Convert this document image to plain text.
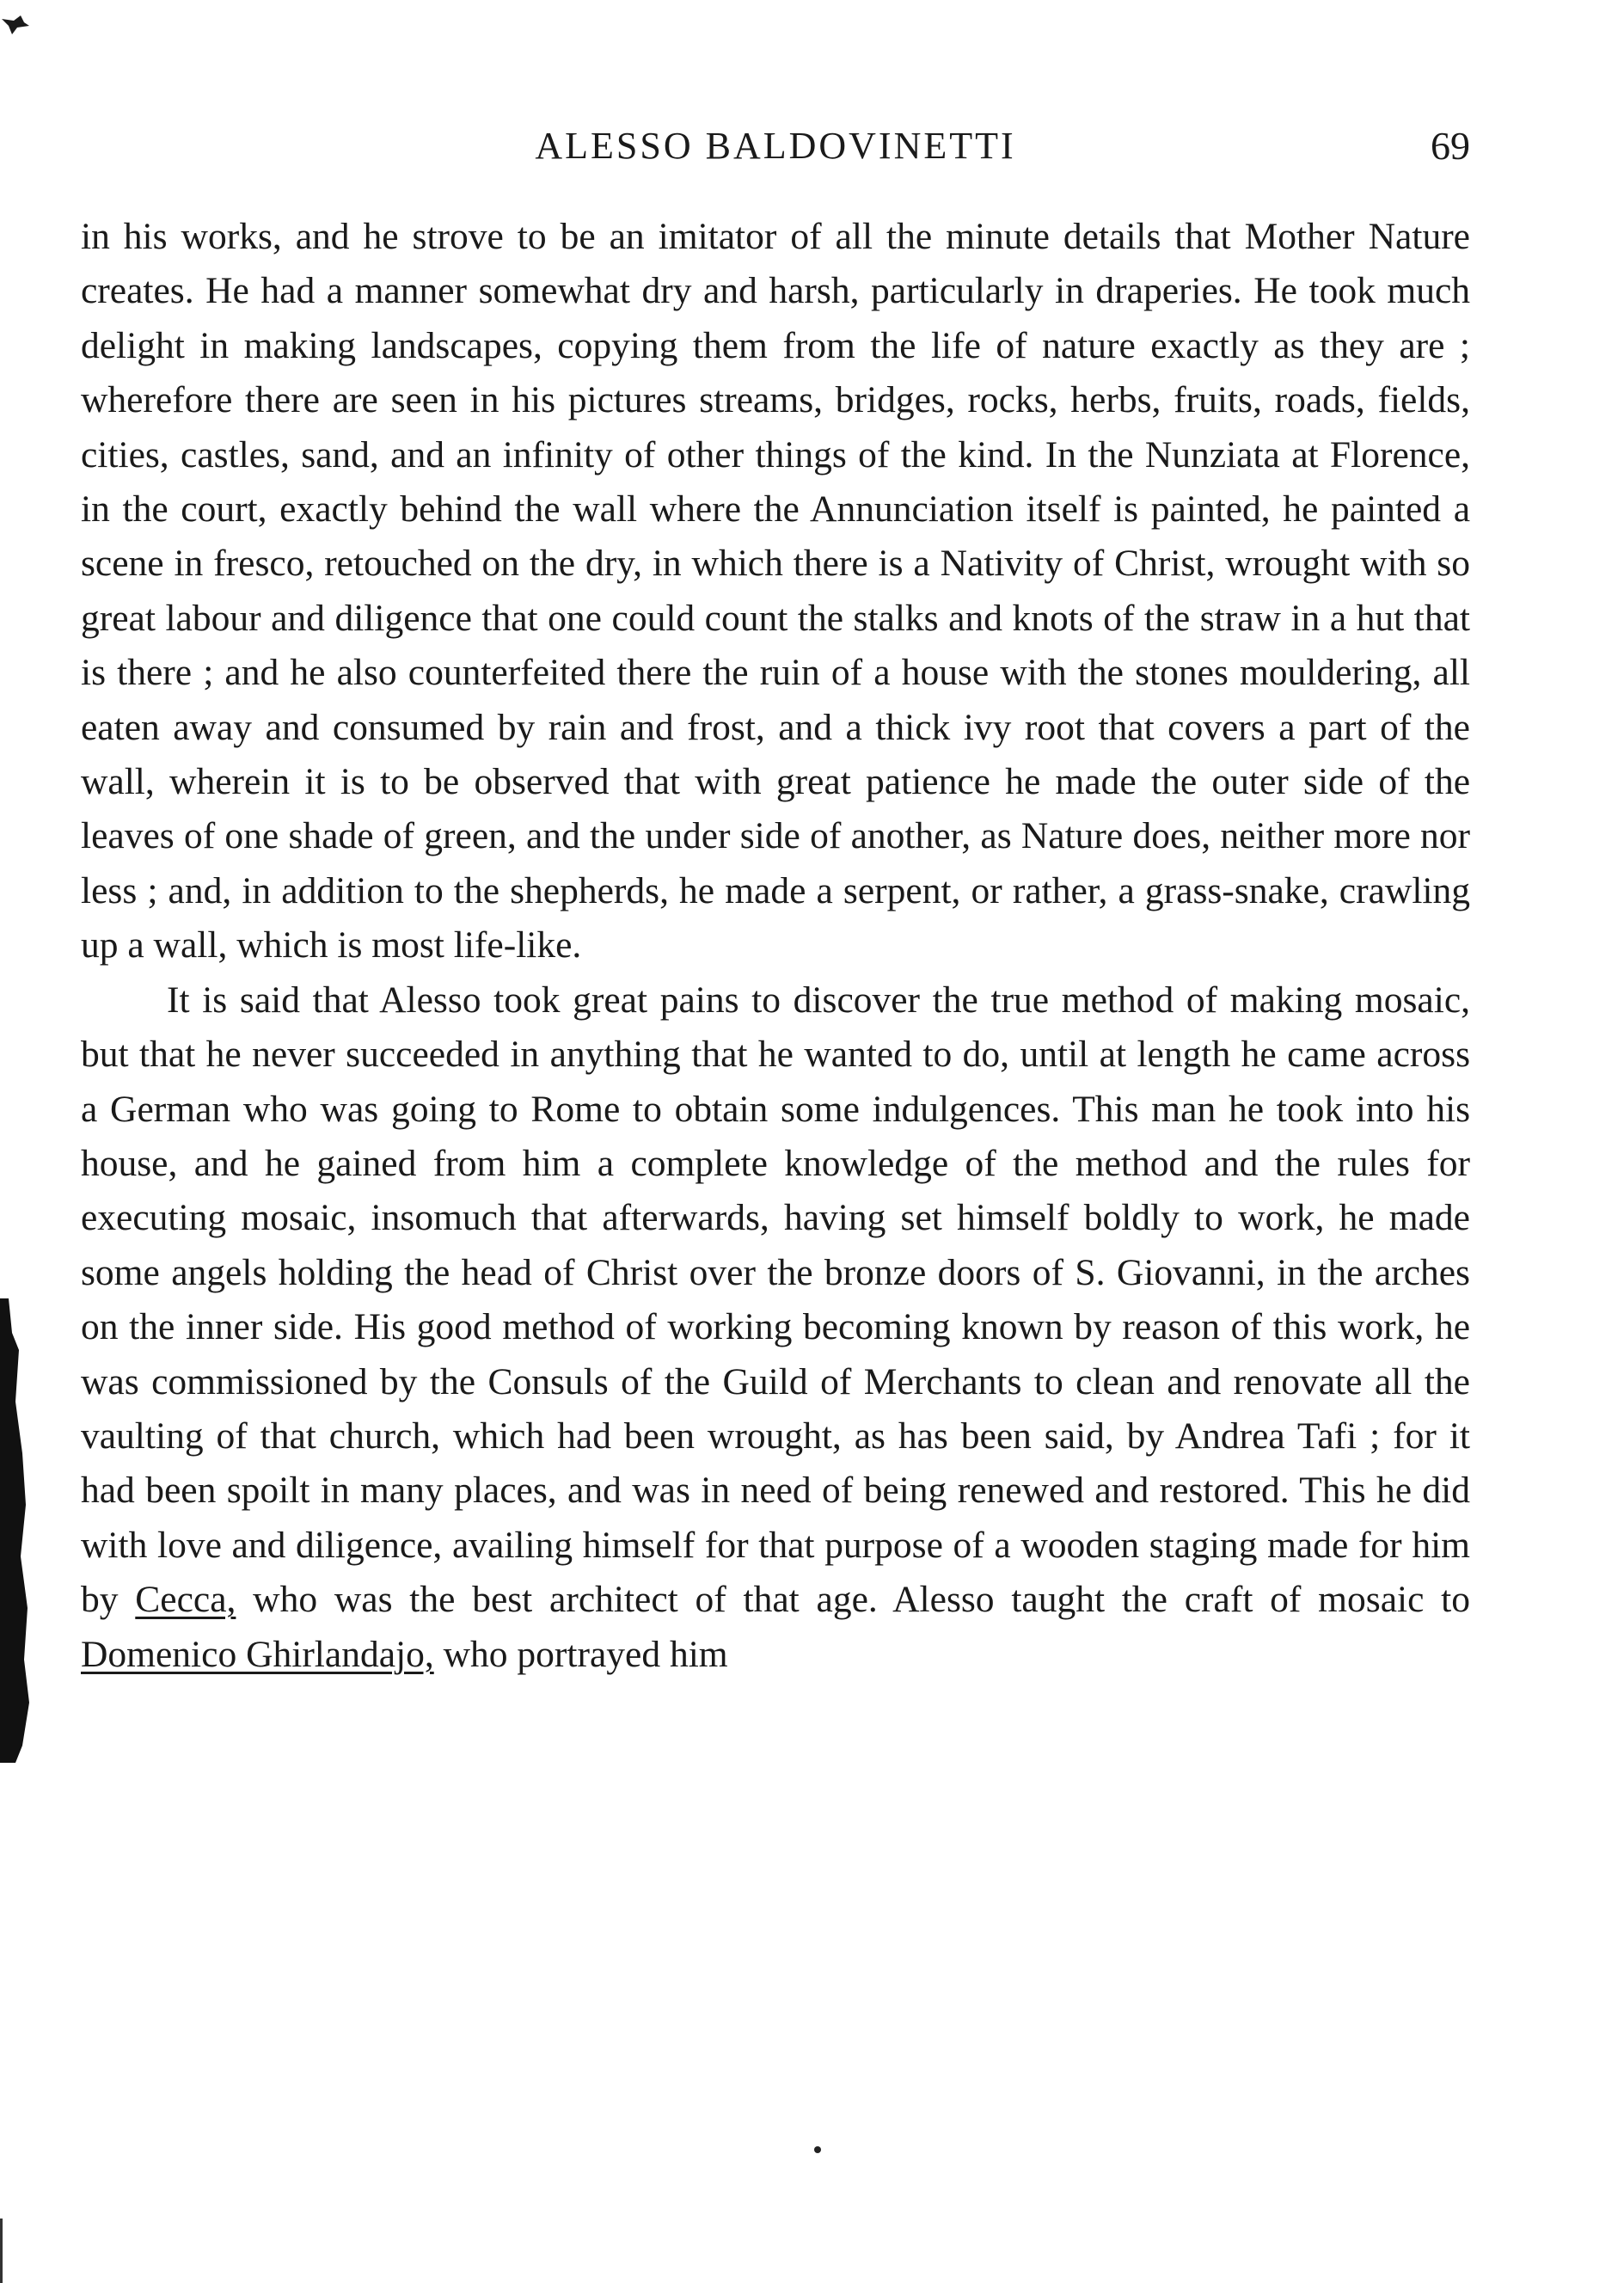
ALESSO BALDOVINETTI	69

in his works, and he strove to be an imitator of all the minute details that Mother Nature creates. He had a manner somewhat dry and harsh, particularly in draperies. He took much delight in making landscapes, copying them from the life of nature exactly as they are ; wherefore there are seen in his pictures streams, bridges, rocks, herbs, fruits, roads, fields, cities, castles, sand, and an infinity of other things of the kind. In the Nunziata at Florence, in the court, exactly behind the wall where the Annunciation itself is painted, he painted a scene in fresco, retouched on the dry, in which there is a Nativity of Christ, wrought with so great labour and diligence that one could count the stalks and knots of the straw in a hut that is there ; and he also counterfeited there the ruin of a house with the stones mouldering, all eaten away and consumed by rain and frost, and a thick ivy root that covers a part of the wall, wherein it is to be observed that with great patience he made the outer side of the leaves of one shade of green, and the under side of another, as Nature does, neither more nor less ; and, in addition to the shepherds, he made a serpent, or rather, a grass-snake, crawling up a wall, which is most life-like.

It is said that Alesso took great pains to discover the true method of making mosaic, but that he never succeeded in anything that he wanted to do, until at length he came across a German who was going to Rome to obtain some indulgences. This man he took into his house, and he gained from him a complete knowledge of the method and the rules for executing mosaic, insomuch that afterwards, having set himself boldly to work, he made some angels holding the head of Christ over the bronze doors of S. Giovanni, in the arches on the inner side. His good method of working becoming known by reason of this work, he was commissioned by the Consuls of the Guild of Merchants to clean and renovate all the vaulting of that church, which had been wrought, as has been said, by Andrea Tafi ; for it had been spoilt in many places, and was in need of being renewed and restored. This he did with love and diligence, availing himself for that purpose of a wooden staging made for him by Cecca, who was the best architect of that age. Alesso taught the craft of mosaic to Domenico Ghirlandajo, who portrayed him
